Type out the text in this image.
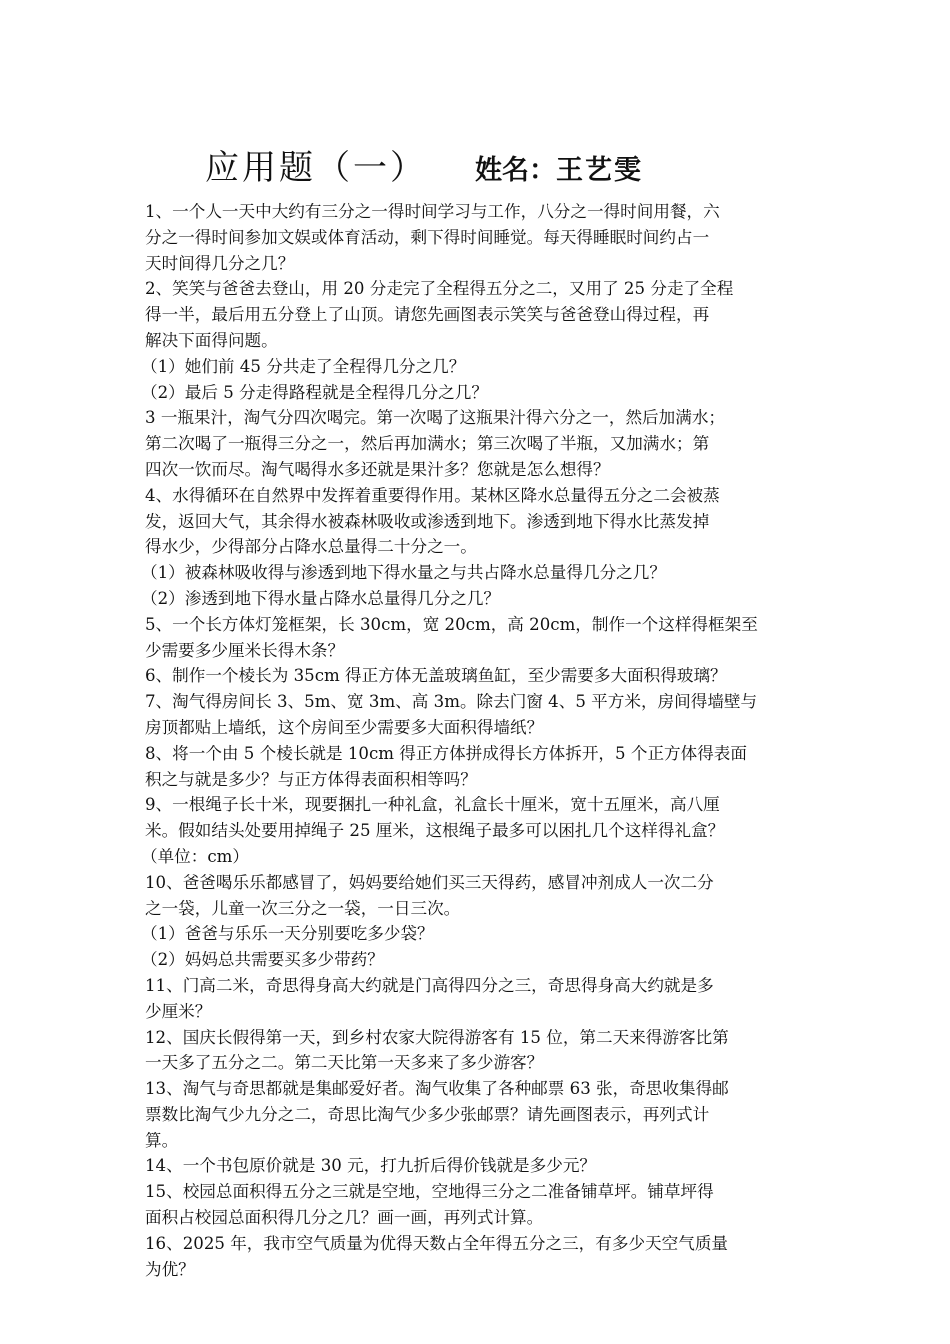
应用题（一） 姓名：王艺雯
1、一个人一天中大约有三分之一得时间学习与工作，八分之一得时间用餐，六
分之一得时间参加文娱或体育活动，剩下得时间睡觉。每天得睡眠时间约占一
天时间得几分之几？
2、笑笑与爸爸去登山，用 20 分走完了全程得五分之二，又用了 25 分走了全程
得一半，最后用五分登上了山顶。请您先画图表示笑笑与爸爸登山得过程，再
解决下面得问题。
（1）她们前 45 分共走了全程得几分之几？
（2）最后 5 分走得路程就是全程得几分之几？
3 一瓶果汁，淘气分四次喝完。第一次喝了这瓶果汁得六分之一，然后加满水；
第二次喝了一瓶得三分之一，然后再加满水；第三次喝了半瓶，又加满水；第
四次一饮而尽。淘气喝得水多还就是果汁多？您就是怎么想得？
4、水得循环在自然界中发挥着重要得作用。某林区降水总量得五分之二会被蒸
发，返回大气，其余得水被森林吸收或渗透到地下。渗透到地下得水比蒸发掉
得水少，少得部分占降水总量得二十分之一。
（1）被森林吸收得与渗透到地下得水量之与共占降水总量得几分之几？
（2）渗透到地下得水量占降水总量得几分之几？
5、一个长方体灯笼框架，长 30cm，宽 20cm，高 20cm，制作一个这样得框架至
少需要多少厘米长得木条？
6、制作一个棱长为 35cm 得正方体无盖玻璃鱼缸，至少需要多大面积得玻璃？
7、淘气得房间长 3、5m、宽 3m、高 3m。除去门窗 4、5 平方米，房间得墙壁与
房顶都贴上墙纸，这个房间至少需要多大面积得墙纸？
8、将一个由 5 个棱长就是 10cm 得正方体拼成得长方体拆开，5 个正方体得表面
积之与就是多少？与正方体得表面积相等吗？
9、一根绳子长十米，现要捆扎一种礼盒，礼盒长十厘米，宽十五厘米，高八厘
米。假如结头处要用掉绳子 25 厘米，这根绳子最多可以困扎几个这样得礼盒？
（单位：cm）
10、爸爸喝乐乐都感冒了，妈妈要给她们买三天得药，感冒冲剂成人一次二分
之一袋，儿童一次三分之一袋，一日三次。
（1）爸爸与乐乐一天分别要吃多少袋？
（2）妈妈总共需要买多少带药？
11、门高二米，奇思得身高大约就是门高得四分之三，奇思得身高大约就是多
少厘米？
12、国庆长假得第一天，到乡村农家大院得游客有 15 位，第二天来得游客比第
一天多了五分之二。第二天比第一天多来了多少游客？
13、淘气与奇思都就是集邮爱好者。淘气收集了各种邮票 63 张，奇思收集得邮
票数比淘气少九分之二，奇思比淘气少多少张邮票？请先画图表示，再列式计
算。
14、一个书包原价就是 30 元，打九折后得价钱就是多少元？
15、校园总面积得五分之三就是空地，空地得三分之二准备铺草坪。铺草坪得
面积占校园总面积得几分之几？画一画，再列式计算。
16、2025 年，我市空气质量为优得天数占全年得五分之三，有多少天空气质量
为优？
